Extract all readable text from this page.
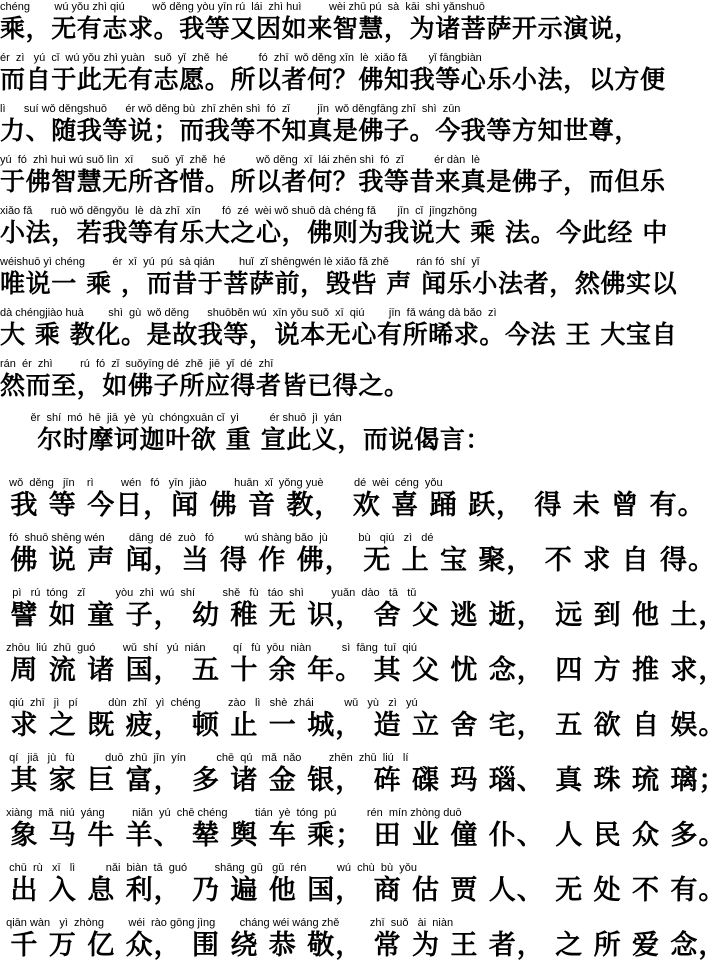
chéng        wú yǒu zhì qiú         wǒ děng yòu yīn rú  lái  zhì huì         wèi zhū pú  sà  kāi  shì yǎnshuō
乘，无有志求。我等又因如来智慧，为诸菩萨开示演说，
ér  zì   yú  cǐ  wú yǒu zhì yuàn   suǒ  yǐ  zhě  hé          fó  zhī  wǒ děng xīn  lè  xiǎo fǎ       yǐ fāngbiàn
而自于此无有志愿。所以者何？佛知我等心乐小法，以方便
lì      suí wǒ děngshuō      ér wǒ děng bù  zhī zhēn shì  fó  zǐ         jīn  wǒ děngfāng zhī  shì  zūn
力、随我等说；而我等不知真是佛子。今我等方知世尊，
yú  fó  zhì huì wú suǒ lìn  xī      suǒ  yǐ  zhě  hé          wǒ děng  xī  lái zhēn shì  fó  zǐ          ér dàn  lè
于佛智慧无所吝惜。所以者何？我等昔来真是佛子，而但乐
xiǎo fǎ      ruò wǒ děngyǒu  lè  dà zhī  xīn       fó  zé  wèi wǒ shuō dà chéng fǎ       jīn  cǐ  jīngzhōng
小法，若我等有乐大之心，佛则为我说大 乘 法。今此经 中
wéishuō yì chéng         ér  xī  yú  pú  sà qián        huǐ  zǐ shēngwén lè xiǎo fǎ zhě         rán fó  shí  yǐ
唯说一 乘 ，而昔于菩萨前，毁呰 声 闻乐小法者，然佛实以
dà chéngjiào huà        shì  gù  wǒ děng      shuōběn wú  xīn yǒu suǒ  xī  qiú        jīn  fǎ wáng dà bǎo  zì
大 乘 教化。是故我等，说本无心有所晞求。今法 王 大宝自
rán  ér  zhì         rú  fó  zǐ  suǒyīng dé  zhě  jiē  yǐ  dé  zhī
然而至，如佛子所应得者皆已得之。
ěr  shí  mó  hē  jiā  yè  yù  chóngxuān cǐ  yì          ér shuō  jì  yán
尔时摩诃迦叶欲 重 宣此义，而说偈言：
wǒ  děng   jīn    rì         wén   fó   yīn  jiào         huān  xǐ  yǒng yuè          dé  wèi  céng  yǒu
我 等 今日，闻 佛 音 教， 欢 喜 踊 跃， 得 未 曾 有。
fó  shuō shēng wén        dāng  dé  zuò   fó          wú shàng bǎo  jù          bù   qiú   zì   dé
佛 说 声 闻，当 得 作 佛， 无 上 宝 聚， 不 求 自 得。
pì   rú  tóng   zǐ          yòu  zhì  wú  shí         shě   fù   táo  shì         yuǎn  dào   tā   tǔ
譬 如 童 子， 幼 稚 无 识， 舍 父 逃 逝， 远 到 他 土，
zhōu  liú  zhū  guó         wǔ  shí   yú  nián         qí   fù  yōu  niàn          sì  fāng  tuī  qiú
周 流 诸 国， 五 十 余 年。 其 父 忧 念， 四 方 推 求，
qiú  zhī   jì   pí          dùn  zhǐ   yì  chéng         zào   lì   shè  zhái          wǔ   yù   zì   yú
求 之 既 疲， 顿 止 一 城， 造 立 舍 宅， 五 欲 自 娱。
qí   jiā   jù   fù          duō  zhū  jīn  yín          chē  qú   mǎ  nǎo         zhēn  zhū  liú   lí
其 家 巨 富， 多 诸 金 银， 砗 磲 玛 瑙、 真 珠 琉 璃；
xiàng  mǎ  niú  yáng         niǎn  yú  chē chéng         tián  yè  tóng  pú          rén  mín zhòng duō
象 马 牛 羊、 辇 舆 车 乘； 田 业 僮 仆、 人 民 众 多。
chū  rù   xī   lì          nǎi  biàn  tā  guó         shāng  gū   gǔ  rén          wú  chù  bù  yǒu
出 入 息 利， 乃 遍 他 国， 商 估 贾 人、 无 处 不 有。
qiān wàn   yì  zhòng        wéi  rào gōng jìng        cháng wéi wáng zhě          zhī  suǒ   ài  niàn
千 万 亿 众， 围 绕 恭 敬， 常 为 王 者， 之 所 爱 念，
